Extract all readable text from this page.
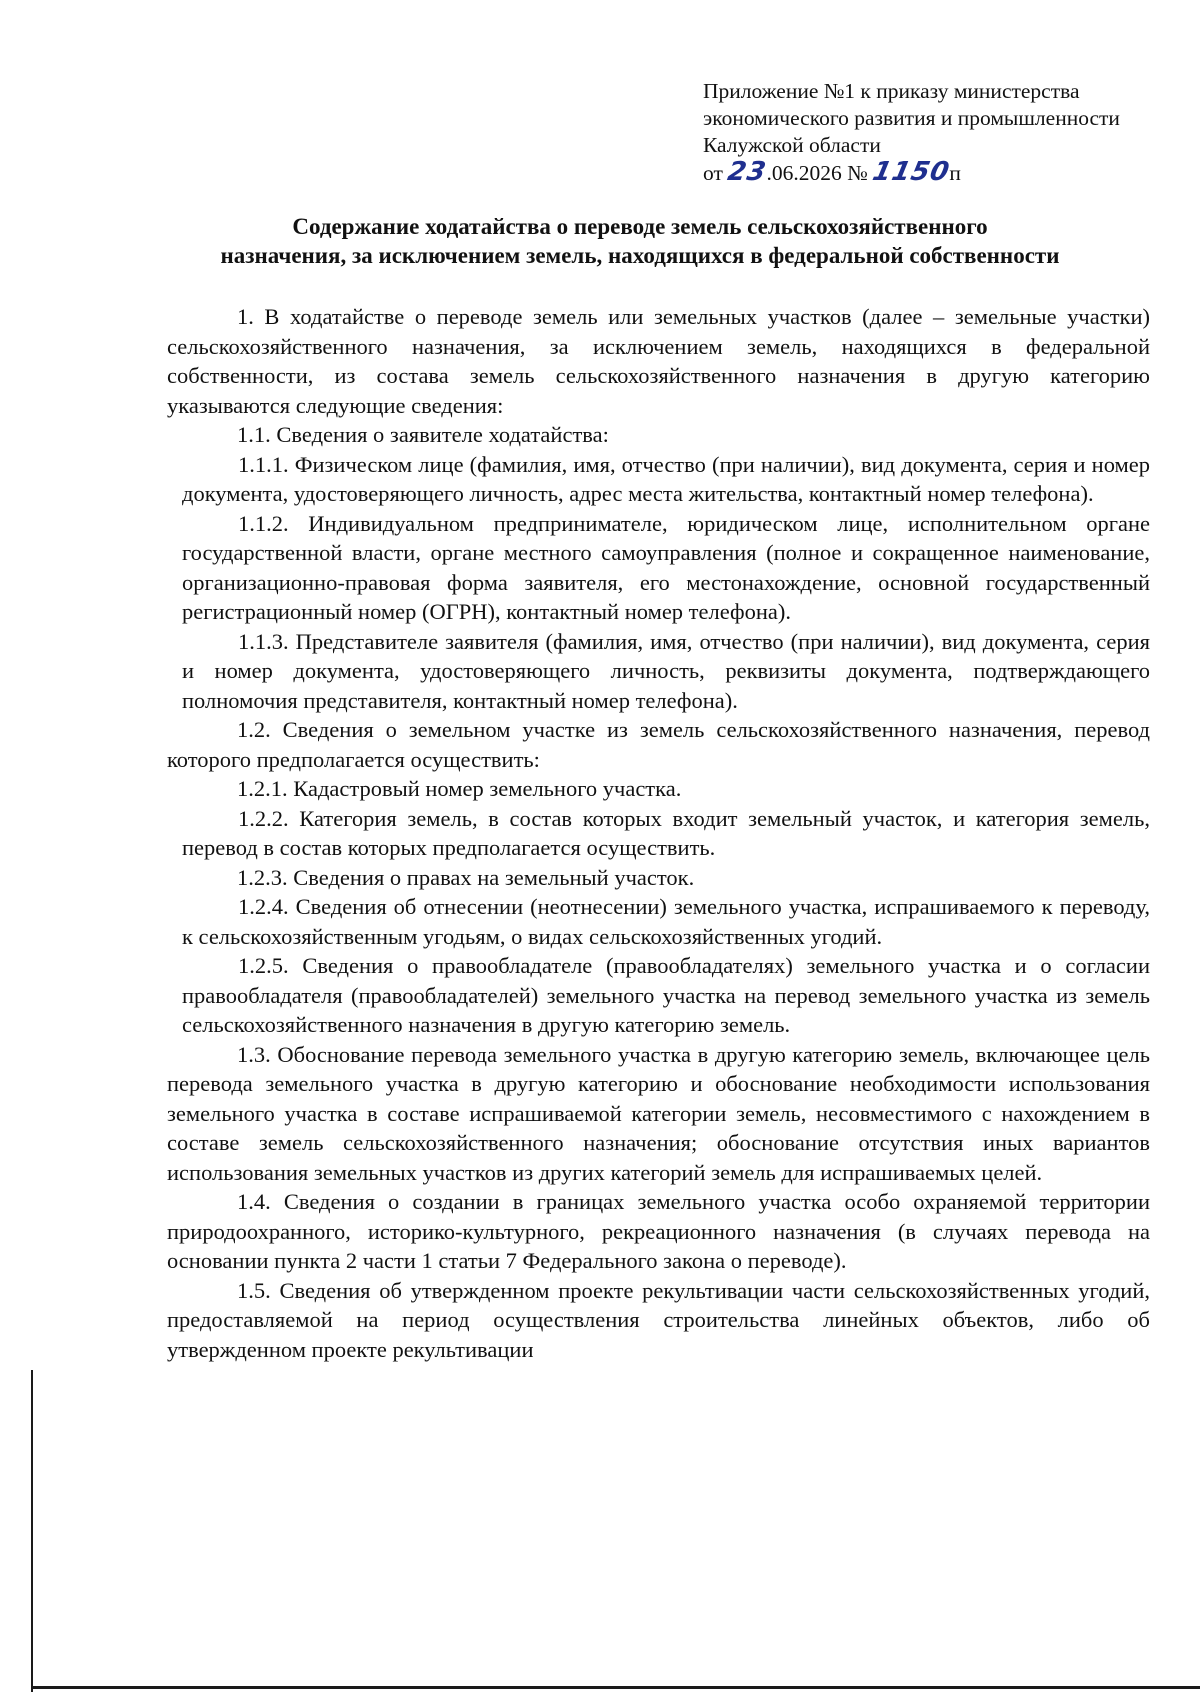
Приложение №1 к приказу министерства
экономического развития и промышленности
Калужской области
от 23.06.2026 № 1150п
Содержание ходатайства о переводе земель сельскохозяйственного
назначения, за исключением земель, находящихся в федеральной собственности

1. В ходатайстве о переводе земель или земельных участков (далее – земельные участки) сельскохозяйственного назначения, за исключением земель, находящихся в федеральной собственности, из состава земель сельскохозяйственного назначения в другую категорию указываются следующие сведения:

1.1. Сведения о заявителе ходатайства:

1.1.1. Физическом лице (фамилия, имя, отчество (при наличии), вид документа, серия и номер документа, удостоверяющего личность, адрес места жительства, контактный номер телефона).

1.1.2. Индивидуальном предпринимателе, юридическом лице, исполнительном органе государственной власти, органе местного самоуправления (полное и сокращенное наименование, организационно-правовая форма заявителя, его местонахождение, основной государственный регистрационный номер (ОГРН), контактный номер телефона).

1.1.3. Представителе заявителя (фамилия, имя, отчество (при наличии), вид документа, серия и номер документа, удостоверяющего личность, реквизиты документа, подтверждающего полномочия представителя, контактный номер телефона).

1.2. Сведения о земельном участке из земель сельскохозяйственного назначения, перевод которого предполагается осуществить:

1.2.1. Кадастровый номер земельного участка.

1.2.2. Категория земель, в состав которых входит земельный участок, и категория земель, перевод в состав которых предполагается осуществить.

1.2.3. Сведения о правах на земельный участок.

1.2.4. Сведения об отнесении (неотнесении) земельного участка, испрашиваемого к переводу, к сельскохозяйственным угодьям, о видах сельскохозяйственных угодий.

1.2.5. Сведения о правообладателе (правообладателях) земельного участка и о согласии правообладателя (правообладателей) земельного участка на перевод земельного участка из земель сельскохозяйственного назначения в другую категорию земель.

1.3. Обоснование перевода земельного участка в другую категорию земель, включающее цель перевода земельного участка в другую категорию и обоснование необходимости использования земельного участка в составе испрашиваемой категории земель, несовместимого с нахождением в составе земель сельскохозяйственного назначения; обоснование отсутствия иных вариантов использования земельных участков из других категорий земель для испрашиваемых целей.

1.4. Сведения о создании в границах земельного участка особо охраняемой территории природоохранного, историко-культурного, рекреационного назначения (в случаях перевода на основании пункта 2 части 1 статьи 7 Федерального закона о переводе).

1.5. Сведения об утвержденном проекте рекультивации части сельскохозяйственных угодий, предоставляемой на период осуществления строительства линейных объектов, либо об утвержденном проекте рекультивации
